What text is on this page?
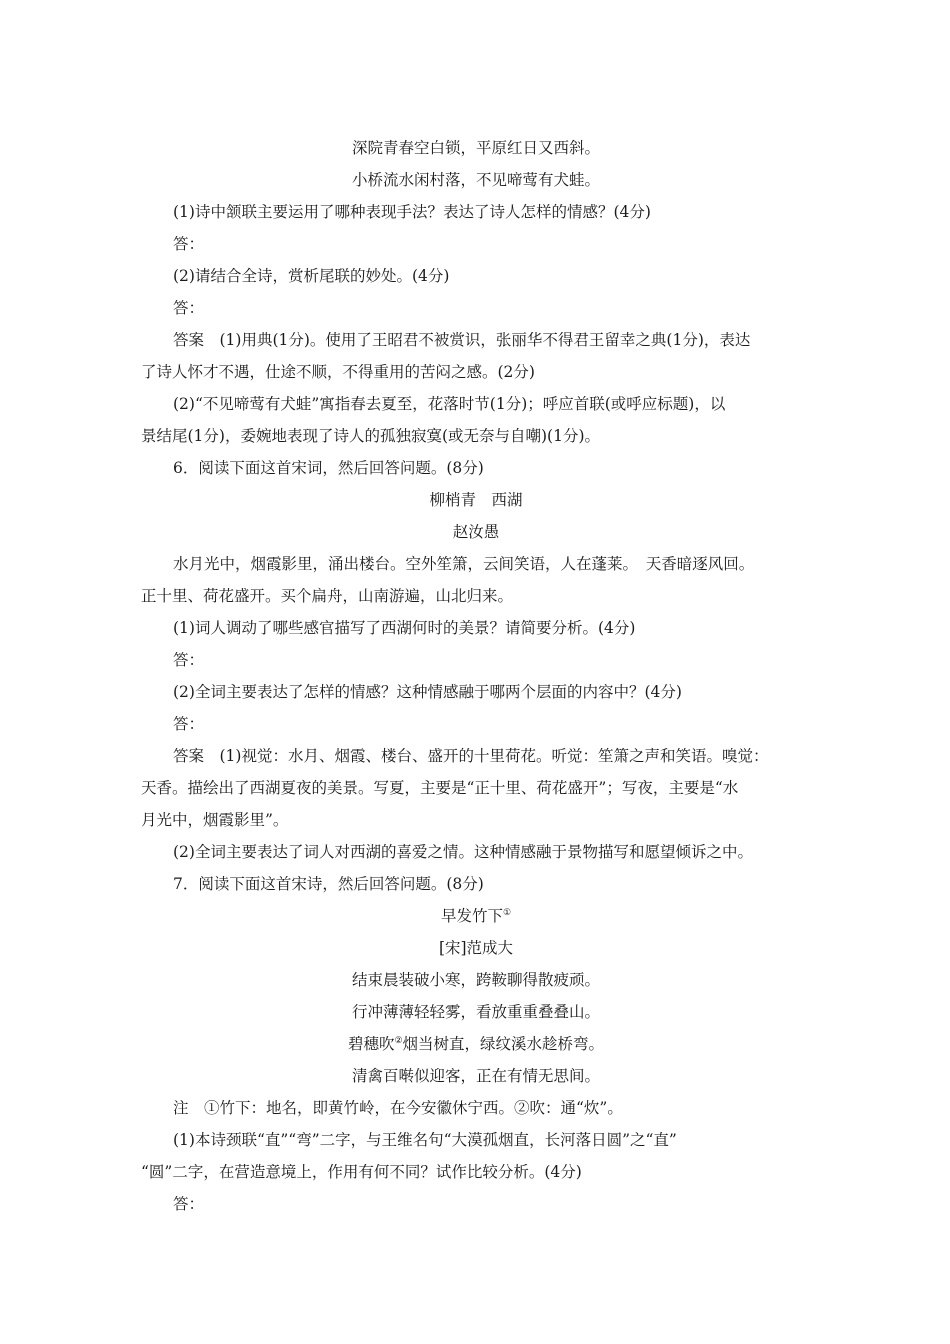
深院青春空白锁，平原红日又西斜。
小桥流水闲村落，不见啼莺有犬蛙。
(1)诗中颔联主要运用了哪种表现手法？表达了诗人怎样的情感？(4分)
答：
(2)请结合全诗，赏析尾联的妙处。(4分)
答：
答案　(1)用典(1分)。使用了王昭君不被赏识，张丽华不得君王留幸之典(1分)，表达
了诗人怀才不遇，仕途不顺，不得重用的苦闷之感。(2分)
(2)“不见啼莺有犬蛙”寓指春去夏至，花落时节(1分)；呼应首联(或呼应标题)，以
景结尾(1分)，委婉地表现了诗人的孤独寂寞(或无奈与自嘲)(1分)。
6．阅读下面这首宋词，然后回答问题。(8分)
柳梢青　西湖
赵汝愚
水月光中，烟霞影里，涌出楼台。空外笙箫，云间笑语，人在蓬莱。　天香暗逐风回。
正十里、荷花盛开。买个扁舟，山南游遍，山北归来。
(1)词人调动了哪些感官描写了西湖何时的美景？请简要分析。(4分)
答：
(2)全词主要表达了怎样的情感？这种情感融于哪两个层面的内容中？(4分)
答：
答案　(1)视觉：水月、烟霞、楼台、盛开的十里荷花。听觉：笙箫之声和笑语。嗅觉：
天香。描绘出了西湖夏夜的美景。写夏，主要是“正十里、荷花盛开”；写夜，主要是“水
月光中，烟霞影里”。
(2)全词主要表达了词人对西湖的喜爱之情。这种情感融于景物描写和愿望倾诉之中。
7．阅读下面这首宋诗，然后回答问题。(8分)
早发竹下①
[宋]范成大
结束晨装破小寒，跨鞍聊得散疲顽。
行冲薄薄轻轻雾，看放重重叠叠山。
碧穗吹②烟当树直，绿纹溪水趁桥弯。
清禽百啭似迎客，正在有情无思间。
注　①竹下：地名，即黄竹岭，在今安徽休宁西。②吹：通“炊”。
(1)本诗颈联“直”“弯”二字，与王维名句“大漠孤烟直，长河落日圆”之“直”
“圆”二字，在营造意境上，作用有何不同？试作比较分析。(4分)
答：
